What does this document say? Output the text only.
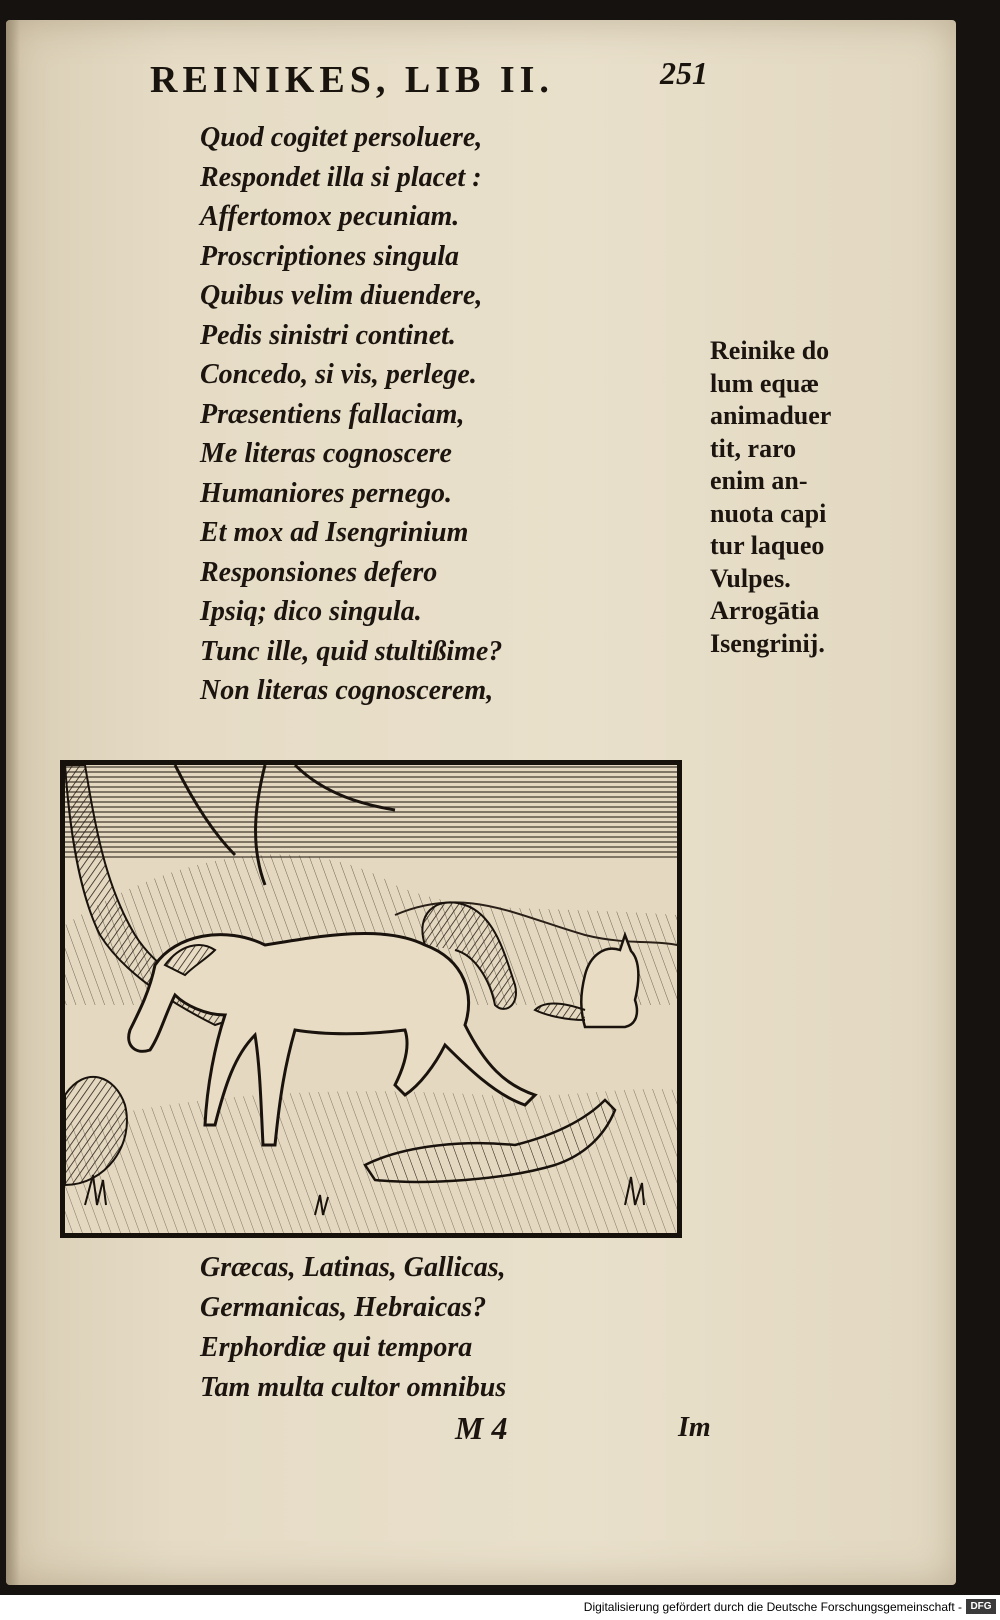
REINIKES, LIB II.	251
Quod cogitet persoluere,
Respondet illa si placet :
Affertomox pecuniam.
Proscriptiones singula
Quibus velim diuendere,
Pedis sinistri continet.
Concedo, si vis, perlege.
Præsentiens fallaciam,
Me literas cognoscere
Humaniores pernego.
Et mox ad Isengrinium
Responsiones defero
Ipsiq; dico singula.
Tunc ille, quid stultißime?
Non literas cognoscerem,
Reinike do
lum equæ
animaduer
tit, raro
enim an-
nuota capi
tur laqueo
Vulpes.
Arrogātia
Isengrinij.
Græcas, Latinas, Gallicas,
Germanicas, Hebraicas?
Erphordiæ qui tempora
Tam multa cultor omnibus
M 4	Im
Digitalisierung gefördert durch die Deutsche Forschungsgemeinschaft - DFG
